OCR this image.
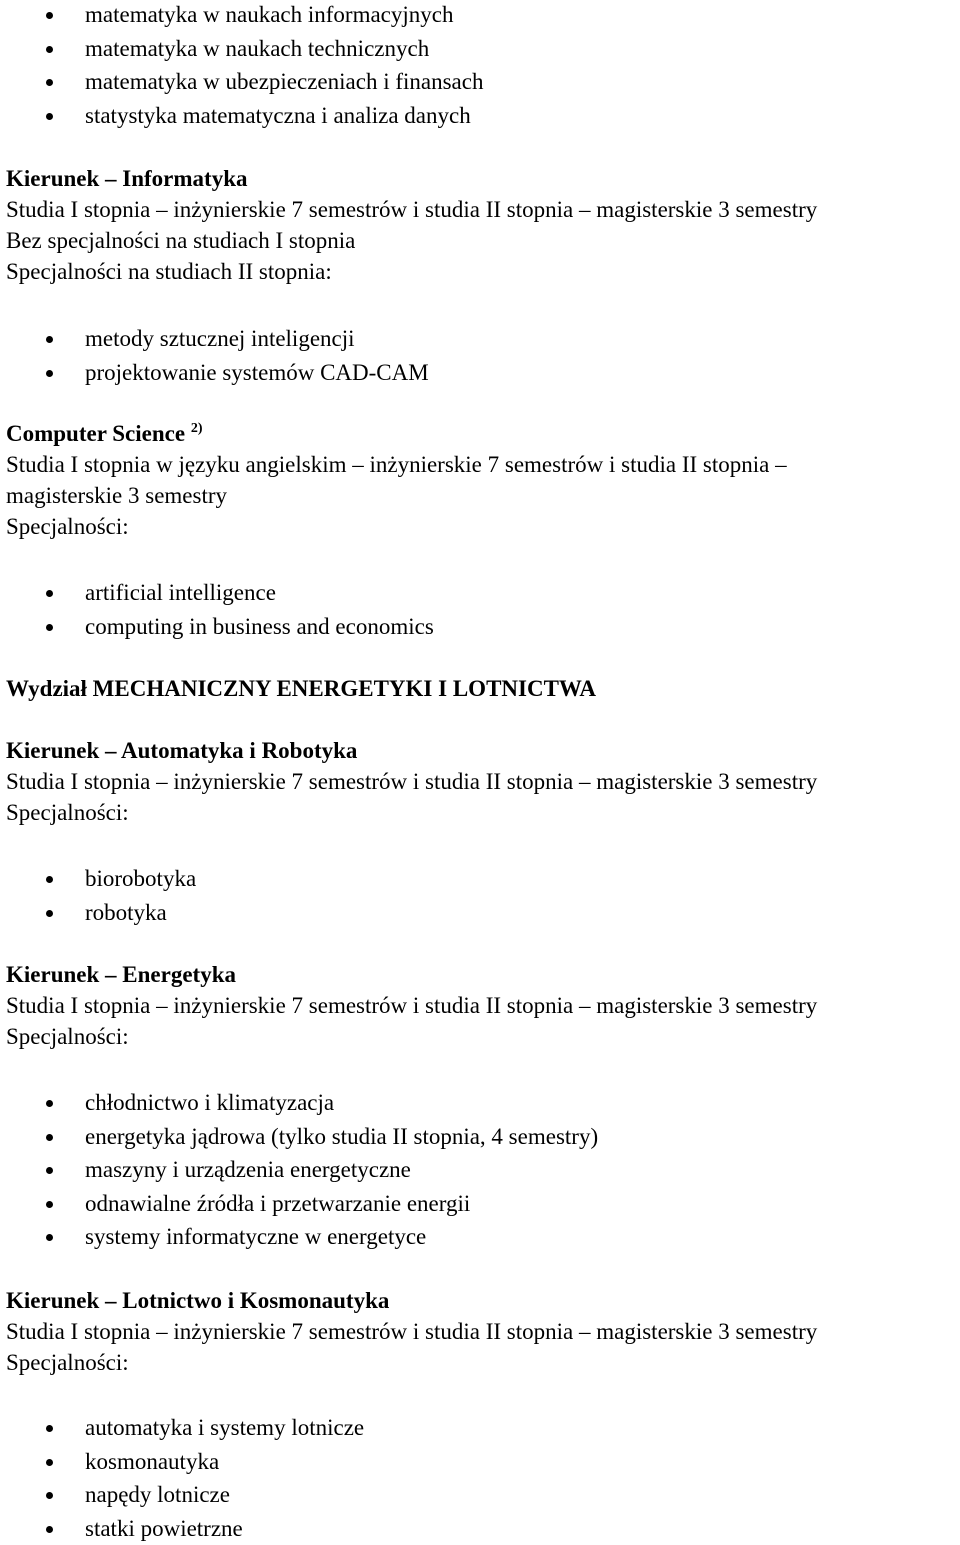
matematyka w naukach informacyjnych
matematyka w naukach technicznych
matematyka w ubezpieczeniach i finansach
statystyka matematyczna i analiza danych
Kierunek – Informatyka
Studia I stopnia – inżynierskie 7 semestrów i studia II stopnia – magisterskie 3 semestry
Bez specjalności na studiach I stopnia
Specjalności na studiach II stopnia:
metody sztucznej inteligencji
projektowanie systemów CAD-CAM
Computer Science $^{2)}$
Studia I stopnia w języku angielskim – inżynierskie 7 semestrów i studia II stopnia –
magisterskie 3 semestry
Specjalności:
artificial intelligence
computing in business and economics
Wydział MECHANICZNY ENERGETYKI I LOTNICTWA
Kierunek – Automatyka i Robotyka
Studia I stopnia – inżynierskie 7 semestrów i studia II stopnia – magisterskie 3 semestry
Specjalności:
biorobotyka
robotyka
Kierunek – Energetyka
Studia I stopnia – inżynierskie 7 semestrów i studia II stopnia – magisterskie 3 semestry
Specjalności:
chłodnictwo i klimatyzacja
energetyka jądrowa (tylko studia II stopnia, 4 semestry)
maszyny i urządzenia energetyczne
odnawialne źródła i przetwarzanie energii
systemy informatyczne w energetyce
Kierunek – Lotnictwo i Kosmonautyka
Studia I stopnia – inżynierskie 7 semestrów i studia II stopnia – magisterskie 3 semestry
Specjalności:
automatyka i systemy lotnicze
kosmonautyka
napędy lotnicze
statki powietrzne
